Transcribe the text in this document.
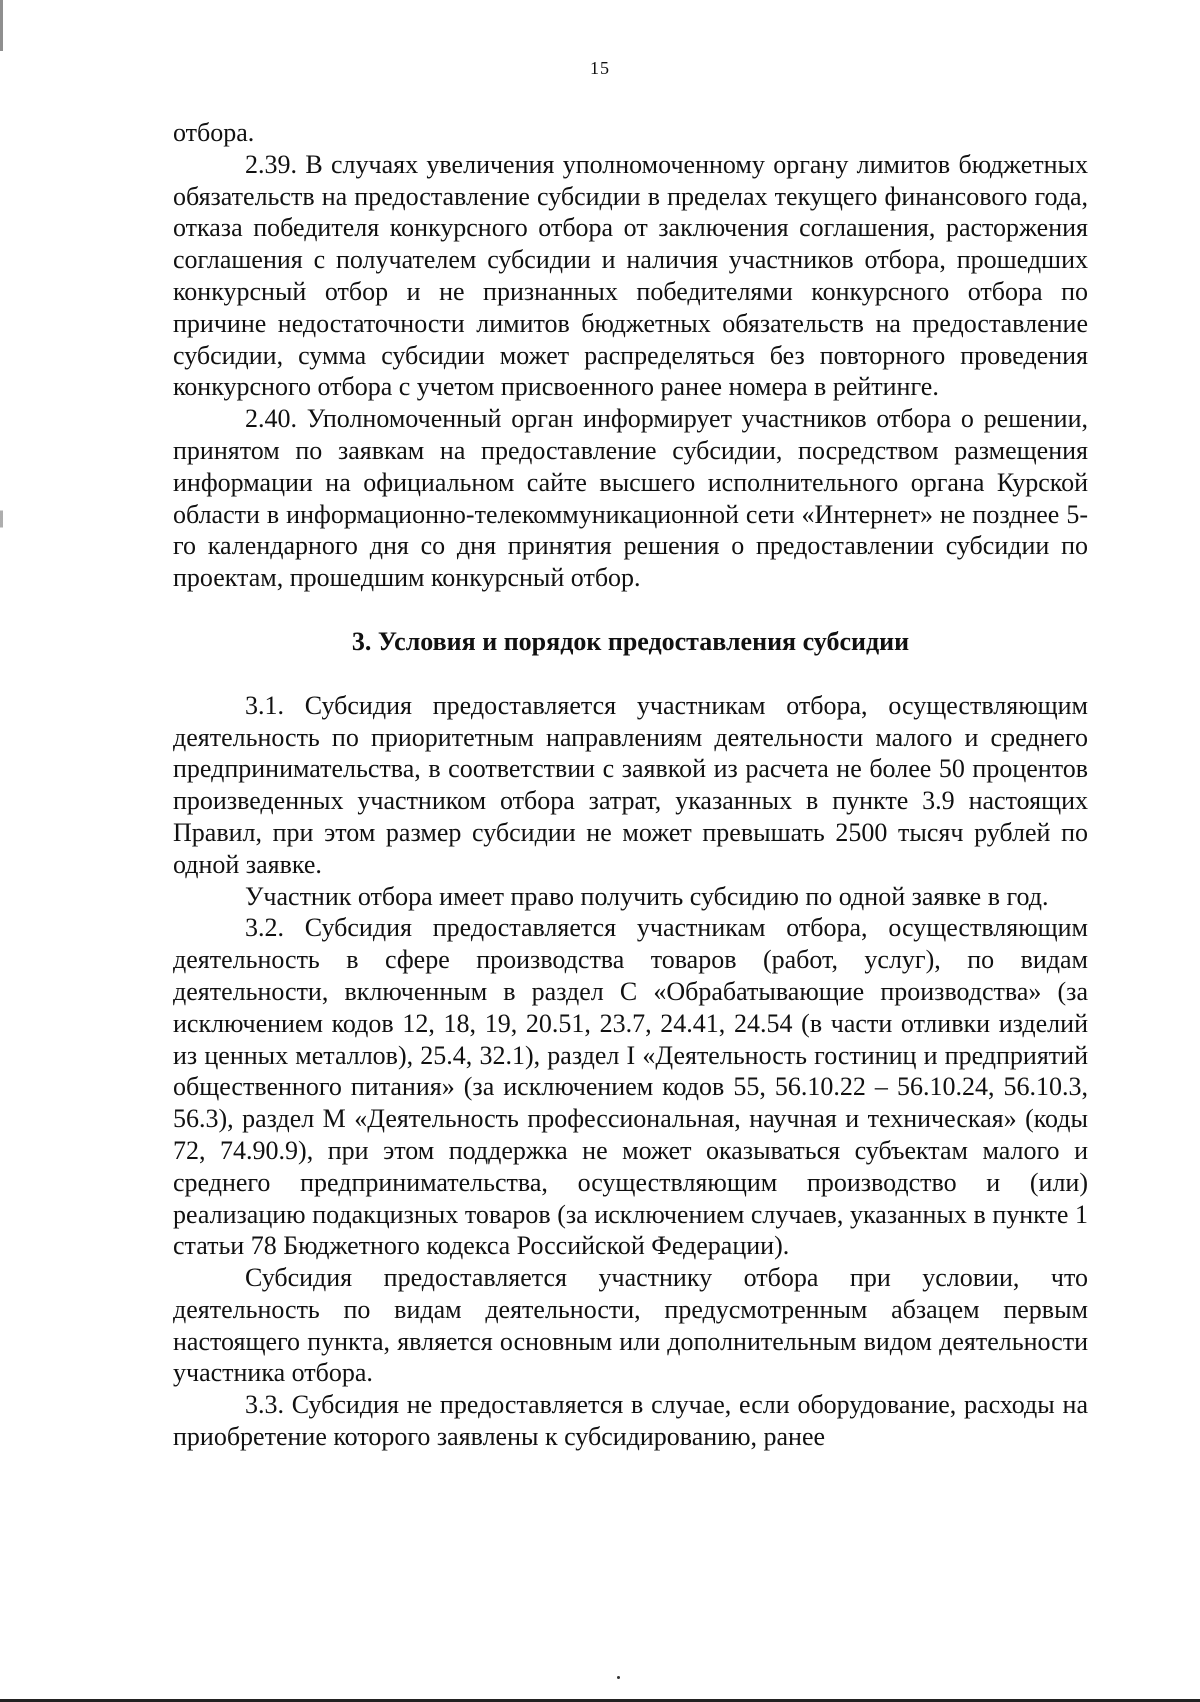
15

отбора.

2.39. В случаях увеличения уполномоченному органу лимитов бюджетных обязательств на предоставление субсидии в пределах текущего финансового года, отказа победителя конкурсного отбора от заключения соглашения, расторжения соглашения с получателем субсидии и наличия участников отбора, прошедших конкурсный отбор и не признанных победителями конкурсного отбора по причине недостаточности лимитов бюджетных обязательств на предоставление субсидии, сумма субсидии может распределяться без повторного проведения конкурсного отбора с учетом присвоенного ранее номера в рейтинге.

2.40. Уполномоченный орган информирует участников отбора о решении, принятом по заявкам на предоставление субсидии, посредством размещения информации на официальном сайте высшего исполнительного органа Курской области в информационно-телекоммуникационной сети «Интернет» не позднее 5-го календарного дня со дня принятия решения о предоставлении субсидии по проектам, прошедшим конкурсный отбор.

3. Условия и порядок предоставления субсидии

3.1. Субсидия предоставляется участникам отбора, осуществляющим деятельность по приоритетным направлениям деятельности малого и среднего предпринимательства, в соответствии с заявкой из расчета не более 50 процентов произведенных участником отбора затрат, указанных в пункте 3.9 настоящих Правил, при этом размер субсидии не может превышать 2500 тысяч рублей по одной заявке.

Участник отбора имеет право получить субсидию по одной заявке в год.

3.2. Субсидия предоставляется участникам отбора, осуществляющим деятельность в сфере производства товаров (работ, услуг), по видам деятельности, включенным в раздел С «Обрабатывающие производства» (за исключением кодов 12, 18, 19, 20.51, 23.7, 24.41, 24.54 (в части отливки изделий из ценных металлов), 25.4, 32.1), раздел I «Деятельность гостиниц и предприятий общественного питания» (за исключением кодов 55, 56.10.22 – 56.10.24, 56.10.3, 56.3), раздел М «Деятельность профессиональная, научная и техническая» (коды 72, 74.90.9), при этом поддержка не может оказываться субъектам малого и среднего предпринимательства, осуществляющим производство и (или) реализацию подакцизных товаров (за исключением случаев, указанных в пункте 1 статьи 78 Бюджетного кодекса Российской Федерации).

Субсидия предоставляется участнику отбора при условии, что деятельность по видам деятельности, предусмотренным абзацем первым настоящего пункта, является основным или дополнительным видом деятельности участника отбора.

3.3. Субсидия не предоставляется в случае, если оборудование, расходы на приобретение которого заявлены к субсидированию, ранее
